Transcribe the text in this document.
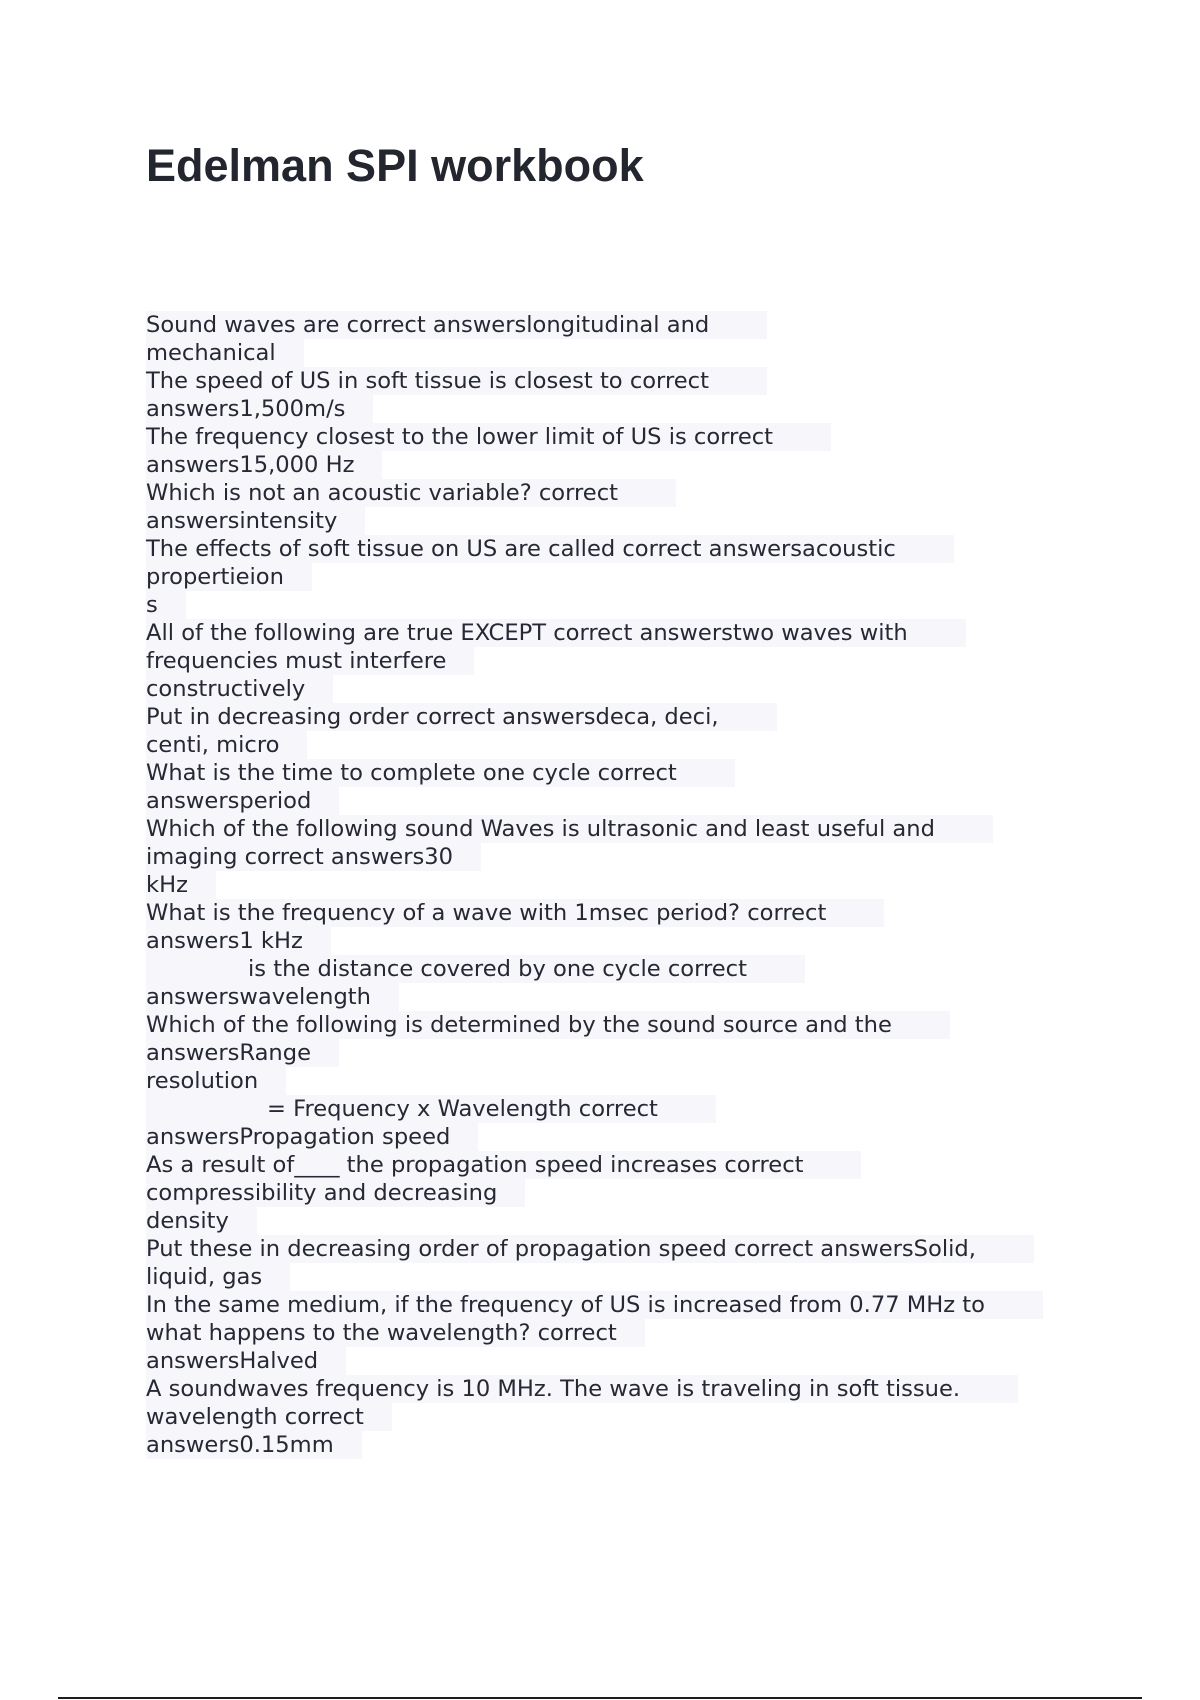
Edelman SPI workbook
Sound waves are correct answerslongitudinal and
mechanical
The speed of US in soft tissue is closest to correct
answers1,500m/s
The frequency closest to the lower limit of US is correct
answers15,000 Hz
Which is not an acoustic variable? correct
answersintensity
The effects of soft tissue on US are called correct answersacoustic
propertieion
s
All of the following are true EXCEPT correct answerstwo waves with
frequencies must interfere
constructively
Put in decreasing order correct answersdeca, deci,
centi, micro
What is the time to complete one cycle correct
answersperiod
Which of the following sound Waves is ultrasonic and least useful and
imaging correct answers30
kHz
What is the frequency of a wave with 1msec period? correct
answers1 kHz
is the distance covered by one cycle correct
answerswavelength
Which of the following is determined by the sound source and the
answersRange
resolution
= Frequency x Wavelength correct
answersPropagation speed
As a result of____ the propagation speed increases correct
compressibility and decreasing
density
Put these in decreasing order of propagation speed correct answersSolid,
liquid, gas
In the same medium, if the frequency of US is increased from 0.77 MHz to
what happens to the wavelength? correct
answersHalved
A soundwaves frequency is 10 MHz. The wave is traveling in soft tissue.
wavelength correct
answers0.15mm
